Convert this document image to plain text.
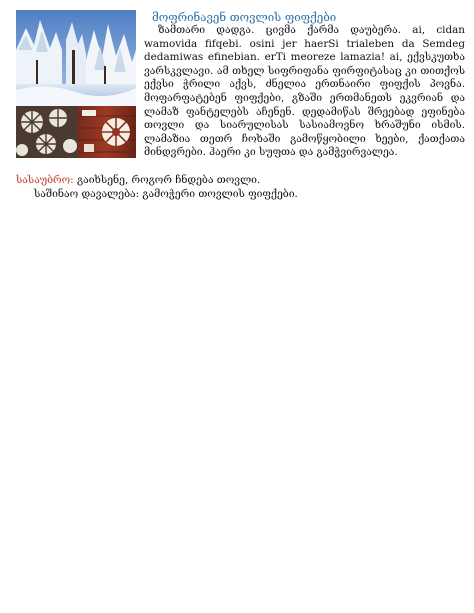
მოფრინავენ თოვლის ფიფქები

ზამთარი დადგა. ცივმა ქარმა დაუბერა. ai, cidan wamovida fifqebi. osini jer haerSi trialeben da Semdeg dedamiwas efinebian. erTi meoreze lamazia! ai, ექვსკუთხა ვარსკვლავი. ამ თხელ სიფრიფანა ფირფიტასაც კი თითქოს ექვსი ჭრილი აქვს, ძნელია ერთნაირი ფიფქის პოვნა. მოფარფატებენ ფიფქები, გზაში ერთმანეთს ეკვრიან და ლამაზ ფანტელებს აჩენენ. დედამიწას შრეებად ეფინება თოვლი და სიარულისას სასიამოვნო ხრაშუნი ისმის. ლამაზია თეთრ ჩოხაში გამოწყობილი ხეები, ქათქათა მინდვრები. ჰაერი კი სუფთა და გამჭვირვალეა.

სასაუბრო: გაიხსენე, როგორ ჩნდება თოვლი.

საშინაო დავალება: გამოჭერი თოვლის ფიფქები.
